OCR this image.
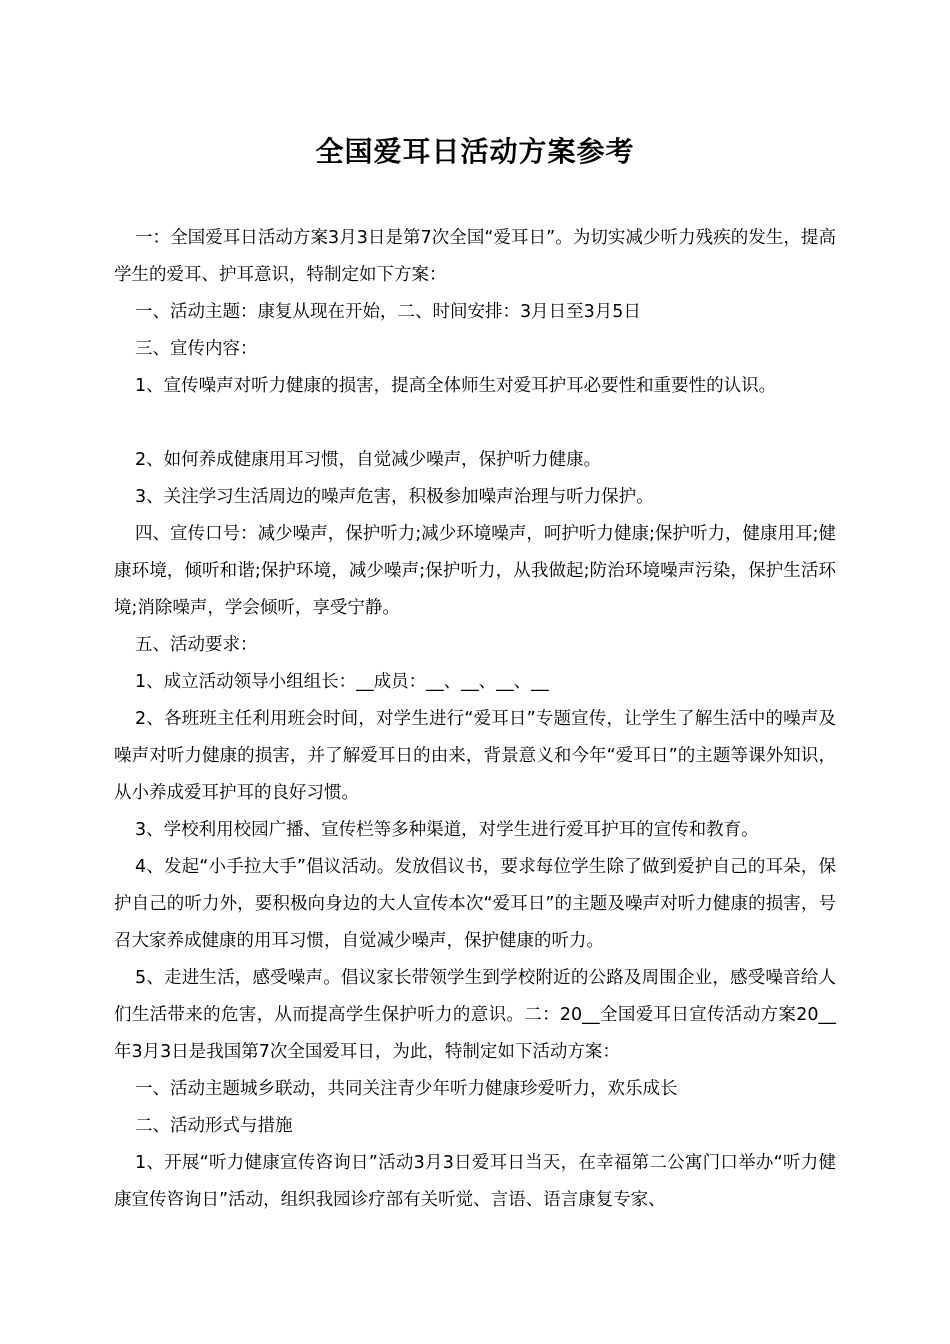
全国爱耳日活动方案参考

一：全国爱耳日活动方案3月3日是第7次全国“爱耳日”。为切实减少听力残疾的发生，提高学生的爱耳、护耳意识，特制定如下方案：

一、活动主题：康复从现在开始，二、时间安排：3月日至3月5日

三、宣传内容：

1、宣传噪声对听力健康的损害，提高全体师生对爱耳护耳必要性和重要性的认识。

2、如何养成健康用耳习惯，自觉减少噪声，保护听力健康。

3、关注学习生活周边的噪声危害，积极参加噪声治理与听力保护。

四、宣传口号：减少噪声，保护听力;减少环境噪声，呵护听力健康;保护听力，健康用耳;健康环境，倾听和谐;保护环境，减少噪声;保护听力，从我做起;防治环境噪声污染，保护生活环境;消除噪声，学会倾听，享受宁静。

五、活动要求：

1、成立活动领导小组组长：__成员：__、__、__、__

2、各班班主任利用班会时间，对学生进行“爱耳日”专题宣传，让学生了解生活中的噪声及噪声对听力健康的损害，并了解爱耳日的由来，背景意义和今年“爱耳日”的主题等课外知识，从小养成爱耳护耳的良好习惯。

3、学校利用校园广播、宣传栏等多种渠道，对学生进行爱耳护耳的宣传和教育。

4、发起“小手拉大手”倡议活动。发放倡议书，要求每位学生除了做到爱护自己的耳朵，保护自己的听力外，要积极向身边的大人宣传本次“爱耳日”的主题及噪声对听力健康的损害，号召大家养成健康的用耳习惯，自觉减少噪声，保护健康的听力。

5、走进生活，感受噪声。倡议家长带领学生到学校附近的公路及周围企业，感受噪音给人们生活带来的危害，从而提高学生保护听力的意识。二：20__全国爱耳日宣传活动方案20__年3月3日是我国第7次全国爱耳日，为此，特制定如下活动方案：

一、活动主题城乡联动，共同关注青少年听力健康珍爱听力，欢乐成长

二、活动形式与措施

1、开展“听力健康宣传咨询日”活动3月3日爱耳日当天，在幸福第二公寓门口举办“听力健康宣传咨询日”活动，组织我园诊疗部有关听觉、言语、语言康复专家、
